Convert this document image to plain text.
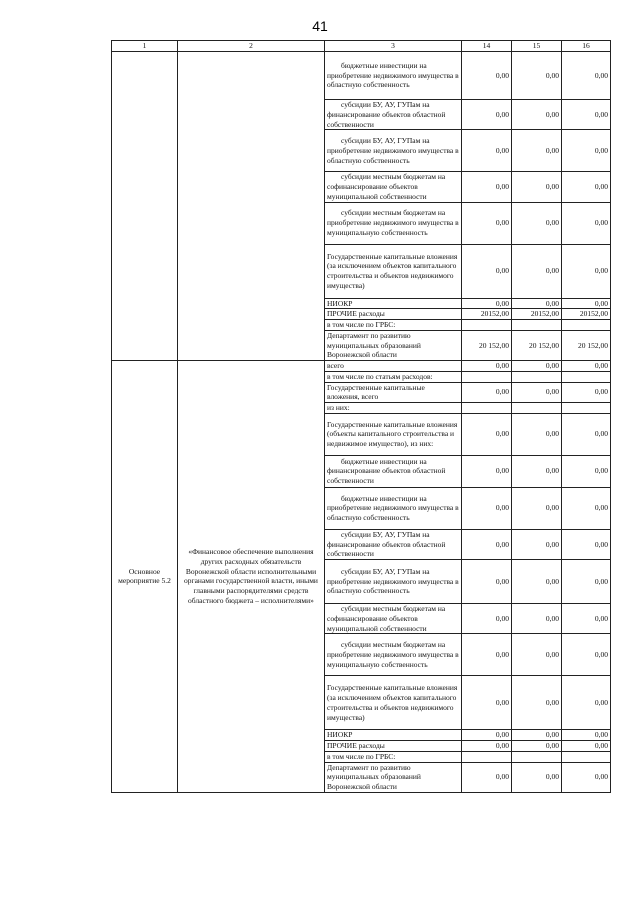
41
1	2	3	14	15	16
		бюджетные инвестиции на приобретение недвижимого имущества в областную собственность	0,00	0,00	0,00
		субсидии БУ, АУ, ГУПам на финансирование объектов областной собственности	0,00	0,00	0,00
		субсидии БУ, АУ, ГУПам на приобретение недвижимого имущества в областную собственность	0,00	0,00	0,00
		субсидии местным бюджетам на софинансирование объектов муниципальной собственности	0,00	0,00	0,00
		субсидии местным бюджетам на приобретение недвижимого имущества в муниципальную собственность	0,00	0,00	0,00
		Государственные капитальные вложения (за исключением объектов капитального строительства и объектов недвижимого имущества)	0,00	0,00	0,00
		НИОКР	0,00	0,00	0,00
		ПРОЧИЕ расходы	20152,00	20152,00	20152,00
		в том числе по ГРБС:			
		Департамент по развитию муниципальных образований Воронежской области	20 152,00	20 152,00	20 152,00
Основное мероприятие 5.2	«Финансовое обеспечение выполнения других расходных обязательств Воронежской области исполнительными органами государственной власти, иными главными распорядителями средств областного бюджета – исполнителями»	всего	0,00	0,00	0,00
		в том числе по статьям расходов:			
		Государственные капитальные вложения, всего	0,00	0,00	0,00
		из них:			
		Государственные капитальные вложения (объекты капитального строительства и недвижимое имущество), из них:	0,00	0,00	0,00
		бюджетные инвестиции на финансирование объектов областной собственности	0,00	0,00	0,00
		бюджетные инвестиции на приобретение недвижимого имущества в областную собственность	0,00	0,00	0,00
		субсидии БУ, АУ, ГУПам на финансирование объектов областной собственности	0,00	0,00	0,00
		субсидии БУ, АУ, ГУПам на приобретение недвижимого имущества в областную собственность	0,00	0,00	0,00
		субсидии местным бюджетам на софинансирование объектов муниципальной собственности	0,00	0,00	0,00
		субсидии местным бюджетам на приобретение недвижимого имущества в муниципальную собственность	0,00	0,00	0,00
		Государственные капитальные вложения (за исключением объектов капитального строительства и объектов недвижимого имущества)	0,00	0,00	0,00
		НИОКР	0,00	0,00	0,00
		ПРОЧИЕ расходы	0,00	0,00	0,00
		в том числе по ГРБС:			
		Департамент по развитию муниципальных образований Воронежской области	0,00	0,00	0,00
